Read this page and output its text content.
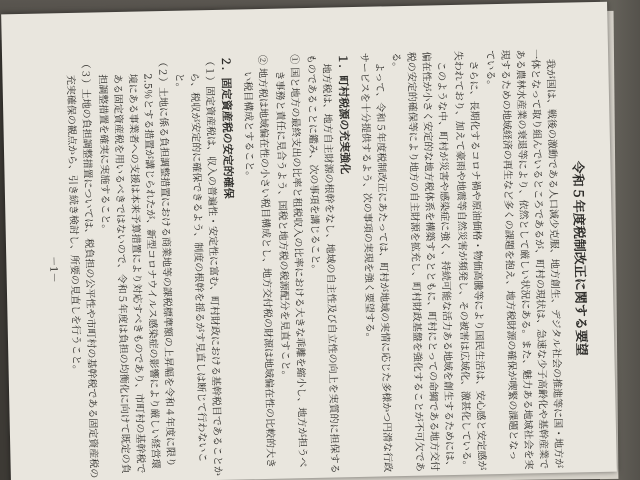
令和５年度税制改正に関する要望

我が国は、戦後の激動である人口減少克服、地方創生、デジタル社会の推進等に国・地方が一体となって取り組んでいるところであるが、町村の現状は、急速な少子高齢化や基幹産業である農林水産業の衰退等により、依然として厳しい状況にある。また、魅力ある地域社会を実現するための地域経済の再生など多くの課題を抱え、地方税財源の確保が喫緊の課題となっている。

さらに、長期化するコロナ禍や原油価格・物価高騰等により国民生活は、安心感と安定感が失われており、加えて豪雨や地震等自然災害が頻発し、その被害は広域化、激甚化している。

このような中、町村が災害や感染症に強く、持続可能な活力ある地域を創生するためには、偏在性が小さく安定的な地方税体系を構築するとともに、町村にとっての命綱である地方交付税の安定的確保等により地方の自主財源を拡充し、町村財政基盤を強化することが不可欠である。

よって、令和５年度税制改正にあたっては、町村が地域の実情に応じた多様かつ円滑な行政サービスを十分提供するよう、次の事項の実現を強く要望する。

１．町村税源の充実強化

地方税は、地方自主財源の根幹をなし、地域の自主性及び自立性の向上を実質的に担保するものであることに鑑み、次の事項を講じること。

① 国と地方の最終支出の比率と租税収入の比率における大きな乖離を縮小し、地方が担うべき事務と責任に見合うよう、国税と地方税の税源配分を見直すこと。

② 地方税は地域偏在性の小さい税目構成とし、地方交付税の財源は地域偏在性の比較的大きい税目構成とすること。

２．固定資産税の安定的確保

（１）固定資産税は、収入の普遍性・安定性に富む、町村財政における基幹税目であることから、税収が安定的に確保できるよう、制度の根幹を揺るがす見直しは断じて行わないこと。

（２）土地に係る負担調整措置における商業地等の課税標準額の上昇幅を令和４年度に限り2.5％とする措置が講じられたが、新型コロナウイルス感染症の影響により厳しい経営環境にある事業者への支援は本来予算措置により対応すべきものであり、市町村の基幹税である固定資産税を用いるべきではないので、令和５年度は負担の均衡化に向けて既定の負担調整措置を確実に実施すること。

（３）土地の負担調整措置については、税負担の公平性や市町村の基幹税である固定資産税の充実確保の観点から、引き続き検討し、所要の見直しを行うこと。

－1－
